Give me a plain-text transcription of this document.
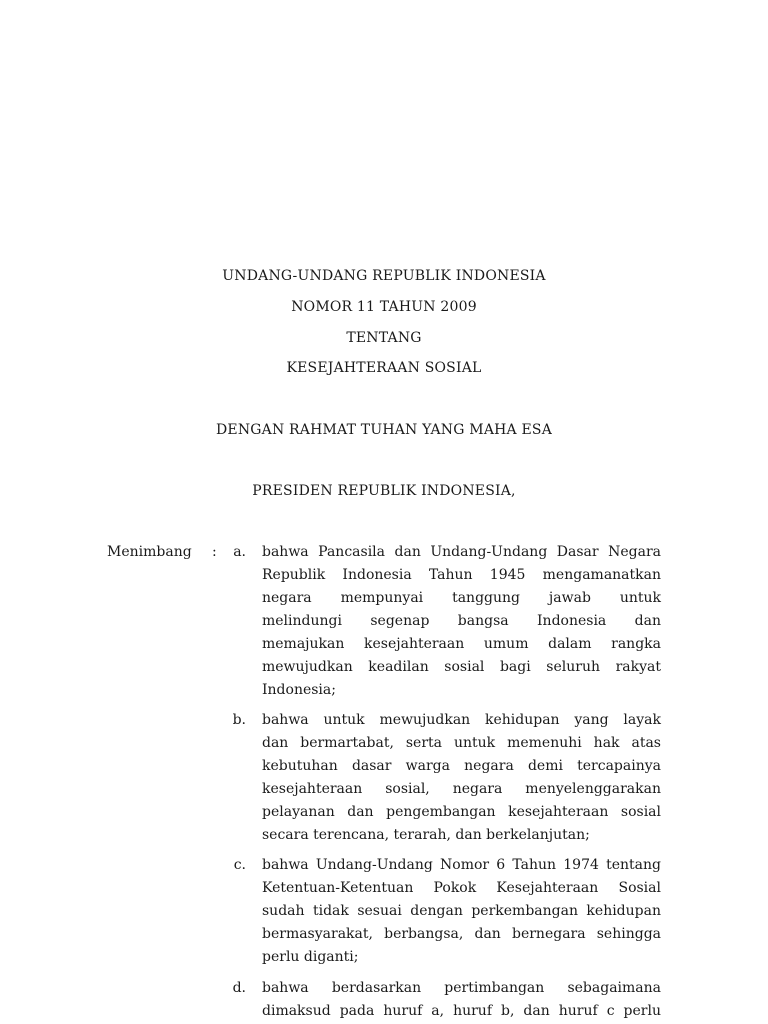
UNDANG-UNDANG REPUBLIK INDONESIA
NOMOR 11 TAHUN 2009
TENTANG
KESEJAHTERAAN SOSIAL
DENGAN RAHMAT TUHAN YANG MAHA ESA
PRESIDEN REPUBLIK INDONESIA,
Menimbang :	a. bahwa Pancasila dan Undang-Undang Dasar Negara
Republik Indonesia Tahun 1945 mengamanatkan
negara mempunyai tanggung jawab untuk
melindungi segenap bangsa Indonesia dan
memajukan kesejahteraan umum dalam rangka
mewujudkan keadilan sosial bagi seluruh rakyat
Indonesia;
b. bahwa untuk mewujudkan kehidupan yang layak
dan bermartabat, serta untuk memenuhi hak atas
kebutuhan dasar warga negara demi tercapainya
kesejahteraan sosial, negara menyelenggarakan
pelayanan dan pengembangan kesejahteraan sosial
secara terencana, terarah, dan berkelanjutan;
c. bahwa Undang-Undang Nomor 6 Tahun 1974 tentang
Ketentuan-Ketentuan Pokok Kesejahteraan Sosial
sudah tidak sesuai dengan perkembangan kehidupan
bermasyarakat, berbangsa, dan bernegara sehingga
perlu diganti;
d. bahwa berdasarkan pertimbangan sebagaimana
dimaksud pada huruf a, huruf b, dan huruf c perlu
